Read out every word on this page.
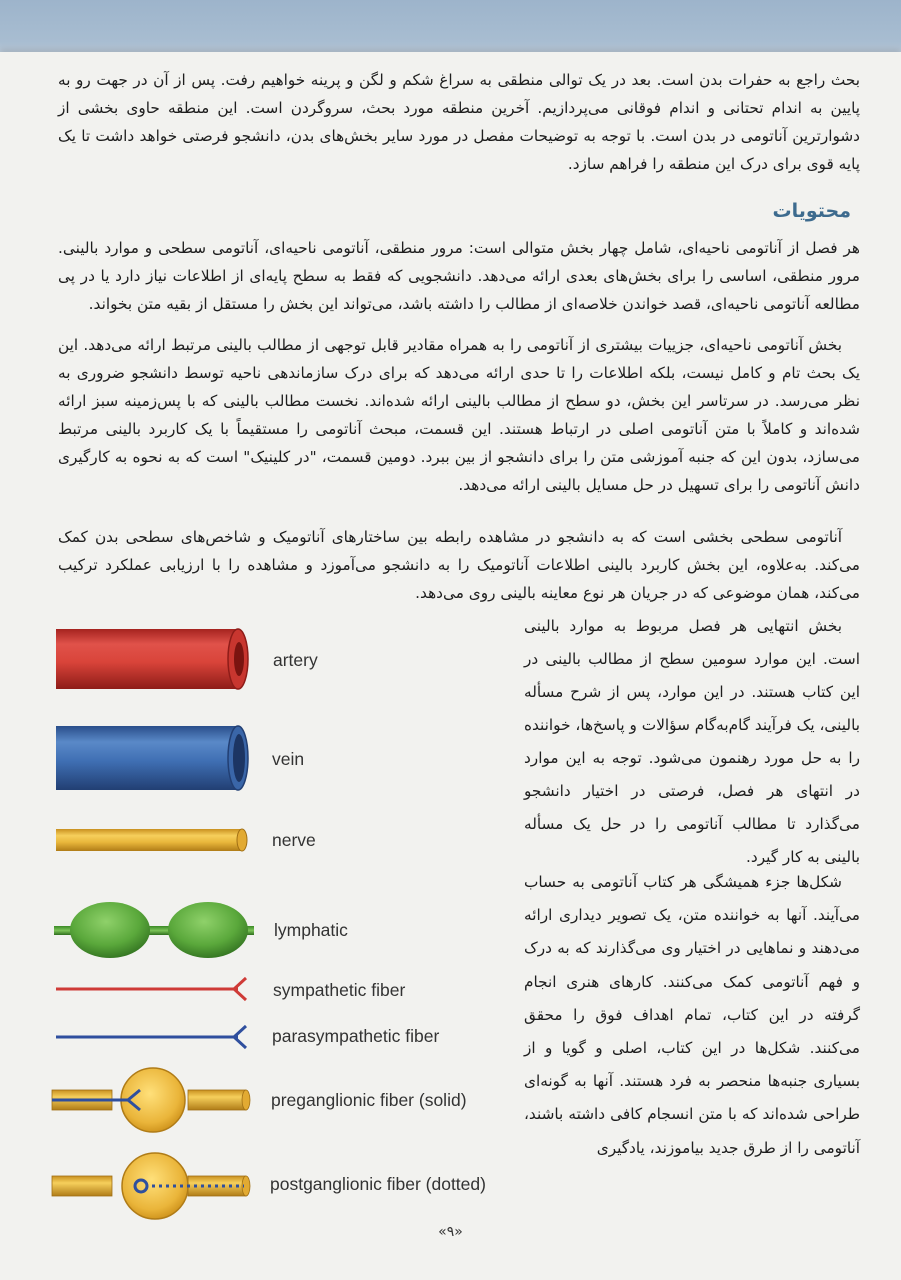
بحث راجع به حفرات بدن است. بعد در یک توالی منطقی به سراغ شکم و لگن و پرینه خواهیم رفت. پس از آن در جهت رو به پایین به اندام تحتانی و اندام فوقانی می‌پردازیم. آخرین منطقه مورد بحث، سروگردن است. این منطقه حاوی بخشی از دشوارترین آناتومی در بدن است. با توجه به توضیحات مفصل در مورد سایر بخش‌های بدن، دانشجو فرصتی خواهد داشت تا یک پایه قوی برای درک این منطقه را فراهم سازد.

محتویات

هر فصل از آناتومی ناحیه‌ای، شامل چهار بخش متوالی است: مرور منطقی، آناتومی ناحیه‌ای، آناتومی سطحی و موارد بالینی. مرور منطقی، اساسی را برای بخش‌های بعدی ارائه می‌دهد. دانشجویی که فقط به سطح پایه‌ای از اطلاعات نیاز دارد یا در پی مطالعه آناتومی ناحیه‌ای، قصد خواندن خلاصه‌ای از مطالب را داشته باشد، می‌تواند این بخش را مستقل از بقیه متن بخواند.

بخش آناتومی ناحیه‌ای، جزییات بیشتری از آناتومی را به همراه مقادیر قابل توجهی از مطالب بالینی مرتبط ارائه می‌دهد. این یک بحث تام و کامل نیست، بلکه اطلاعات را تا حدی ارائه می‌دهد که برای درک سازماندهی ناحیه توسط دانشجو ضروری به نظر می‌رسد. در سرتاسر این بخش، دو سطح از مطالب بالینی ارائه شده‌اند. نخست مطالب بالینی که با پس‌زمینه سبز ارائه شده‌اند و کاملاً با متن آناتومی اصلی در ارتباط هستند. این قسمت، مبحث آناتومی را مستقیماً با یک کاربرد بالینی مرتبط می‌سازد، بدون این که جنبه آموزشی متن را برای دانشجو از بین ببرد. دومین قسمت، "در کلینیک" است که به نحوه به کارگیری دانش آناتومی را برای تسهیل در حل مسایل بالینی ارائه می‌دهد.

آناتومی سطحی بخشی است که به دانشجو در مشاهده رابطه بین ساختارهای آناتومیک و شاخص‌های سطحی بدن کمک می‌کند. به‌علاوه، این بخش کاربرد بالینی اطلاعات آناتومیک را به دانشجو می‌آموزد و مشاهده را با ارزیابی عملکرد ترکیب می‌کند، همان موضوعی که در جریان هر نوع معاینه بالینی روی می‌دهد.

بخش انتهایی هر فصل مربوط به موارد بالینی است. این موارد سومین سطح از مطالب بالینی در این کتاب هستند. در این موارد، پس از شرح مسأله بالینی، یک فرآیند گام‌به‌گام سؤالات و پاسخ‌ها، خواننده را به حل مورد رهنمون می‌شود. توجه به این موارد در انتهای هر فصل، فرصتی در اختیار دانشجو می‌گذارد تا مطالب آناتومی را در حل یک مسأله بالینی به کار گیرد.

شکل‌ها جزء همیشگی هر کتاب آناتومی به حساب می‌آیند. آنها به خواننده متن، یک تصویر دیداری ارائه می‌دهند و نماهایی در اختیار وی می‌گذارند که به درک و فهم آناتومی کمک می‌کنند. کارهای هنری انجام گرفته در این کتاب، تمام اهداف فوق را محقق می‌کنند. شکل‌ها در این کتاب، اصلی و گویا و از بسیاری جنبه‌ها منحصر به فرد هستند. آنها به گونه‌ای طراحی شده‌اند که با متن انسجام کافی داشته باشند، آناتومی را از طرق جدید بیاموزند، یادگیری

artery
vein
nerve
lymphatic
sympathetic fiber
parasympathetic fiber
preganglionic fiber (solid)
postganglionic fiber (dotted)
«۹»
